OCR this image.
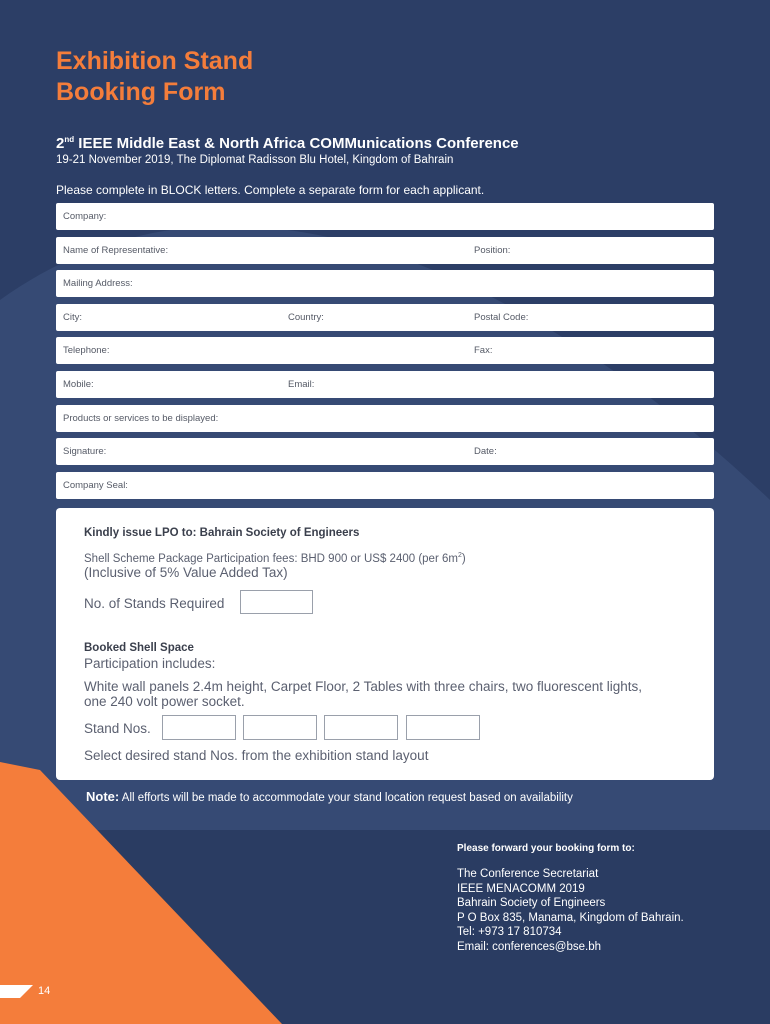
Exhibition Stand
Booking Form
2nd IEEE Middle East & North Africa COMMunications Conference
19-21 November 2019, The Diplomat Radisson Blu Hotel, Kingdom of Bahrain
Please complete in BLOCK letters. Complete a separate form for each applicant.
Company:
Name of Representative:	Position:
Mailing Address:
City:	Country:	Postal Code:
Telephone:	Fax:
Mobile:	Email:
Products or services to be displayed:
Signature:	Date:
Company Seal:
Kindly issue LPO to: Bahrain Society of Engineers
Shell Scheme Package Participation fees: BHD 900 or US$ 2400 (per $6m^2$)
(Inclusive of 5% Value Added Tax)
No. of Stands Required
Booked Shell Space
Participation includes:
White wall panels 2.4m height, Carpet Floor, 2 Tables with three chairs, two fluorescent lights,
one 240 volt power socket.
Stand Nos.
Select desired stand Nos. from the exhibition stand layout
Note: All efforts will be made to accommodate your stand location request based on availability
Please forward your booking form to:
The Conference Secretariat
IEEE MENACOMM 2019
Bahrain Society of Engineers
P O Box 835, Manama, Kingdom of Bahrain.
Tel: +973 17 810734
Email: conferences@bse.bh
14
